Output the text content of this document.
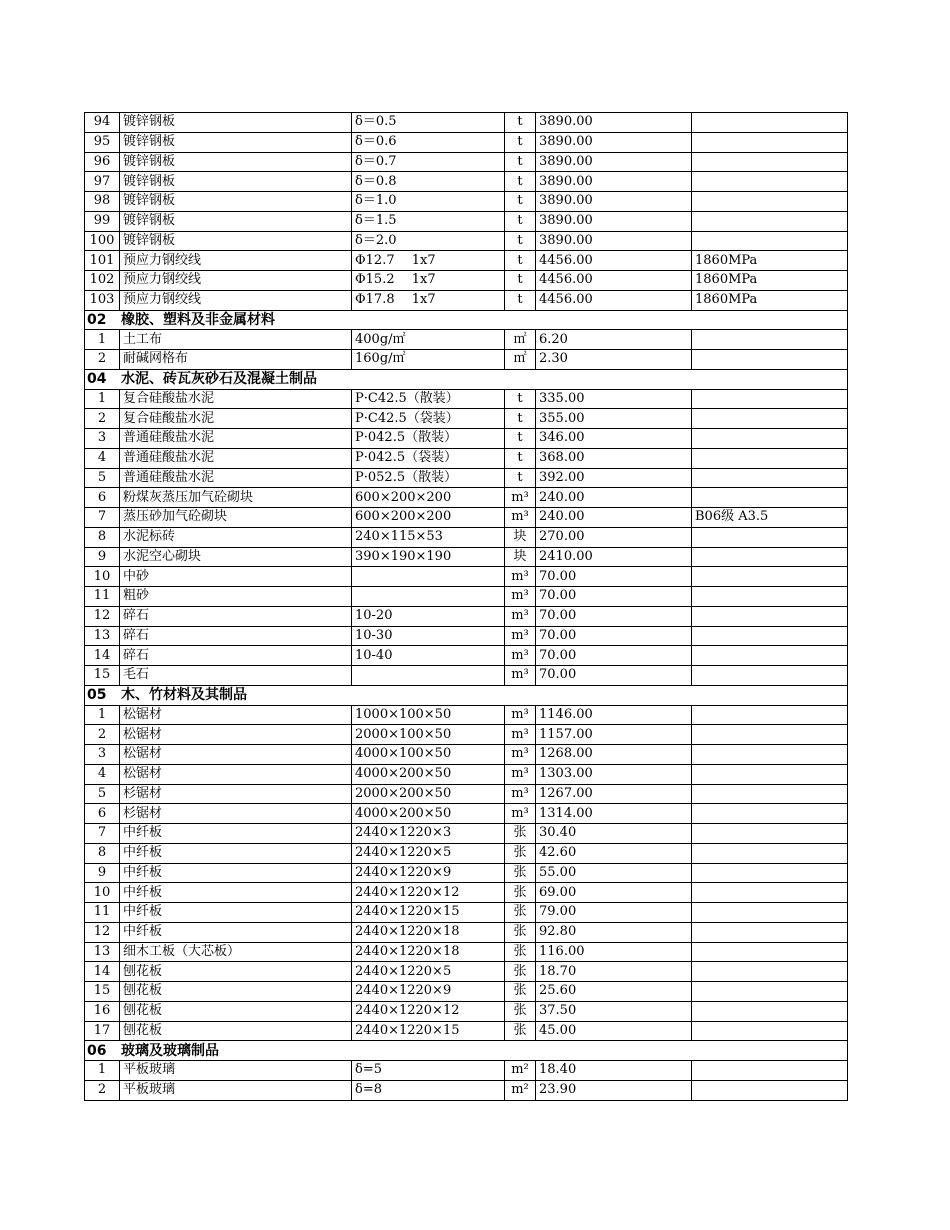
94	镀锌钢板	δ＝0.5	t	3890.00	
95	镀锌钢板	δ＝0.6	t	3890.00	
96	镀锌钢板	δ＝0.7	t	3890.00	
97	镀锌钢板	δ＝0.8	t	3890.00	
98	镀锌钢板	δ＝1.0	t	3890.00	
99	镀锌钢板	δ＝1.5	t	3890.00	
100	镀锌钢板	δ＝2.0	t	3890.00	
101	预应力钢绞线	Φ12.7　 1x7	t	4456.00	1860MPa
102	预应力钢绞线	Φ15.2　 1x7	t	4456.00	1860MPa
103	预应力钢绞线	Φ17.8　 1x7	t	4456.00	1860MPa
02 橡胶、塑料及非金属材料					
1	土工布	400g/㎡	㎡	6.20	
2	耐碱网格布	160g/㎡	㎡	2.30	
04 水泥、砖瓦灰砂石及混凝土制品					
1	复合硅酸盐水泥	P·C42.5（散装）	t	335.00	
2	复合硅酸盐水泥	P·C42.5（袋装）	t	355.00	
3	普通硅酸盐水泥	P·042.5（散装）	t	346.00	
4	普通硅酸盐水泥	P·042.5（袋装）	t	368.00	
5	普通硅酸盐水泥	P·052.5（散装）	t	392.00	
6	粉煤灰蒸压加气砼砌块	600×200×200	m³	240.00	
7	蒸压砂加气砼砌块	600×200×200	m³	240.00	B06级 A3.5
8	水泥标砖	240×115×53	块	270.00	
9	水泥空心砌块	390×190×190	块	2410.00	
10	中砂		m³	70.00	
11	粗砂		m³	70.00	
12	碎石	10-20	m³	70.00	
13	碎石	10-30	m³	70.00	
14	碎石	10-40	m³	70.00	
15	毛石		m³	70.00	
05 木、竹材料及其制品					
1	松锯材	1000×100×50	m³	1146.00	
2	松锯材	2000×100×50	m³	1157.00	
3	松锯材	4000×100×50	m³	1268.00	
4	松锯材	4000×200×50	m³	1303.00	
5	杉锯材	2000×200×50	m³	1267.00	
6	杉锯材	4000×200×50	m³	1314.00	
7	中纤板	2440×1220×3	张	30.40	
8	中纤板	2440×1220×5	张	42.60	
9	中纤板	2440×1220×9	张	55.00	
10	中纤板	2440×1220×12	张	69.00	
11	中纤板	2440×1220×15	张	79.00	
12	中纤板	2440×1220×18	张	92.80	
13	细木工板（大芯板）	2440×1220×18	张	116.00	
14	刨花板	2440×1220×5	张	18.70	
15	刨花板	2440×1220×9	张	25.60	
16	刨花板	2440×1220×12	张	37.50	
17	刨花板	2440×1220×15	张	45.00	
06 玻璃及玻璃制品					
1	平板玻璃	δ=5	m²	18.40	
2	平板玻璃	δ=8	m²	23.90	
